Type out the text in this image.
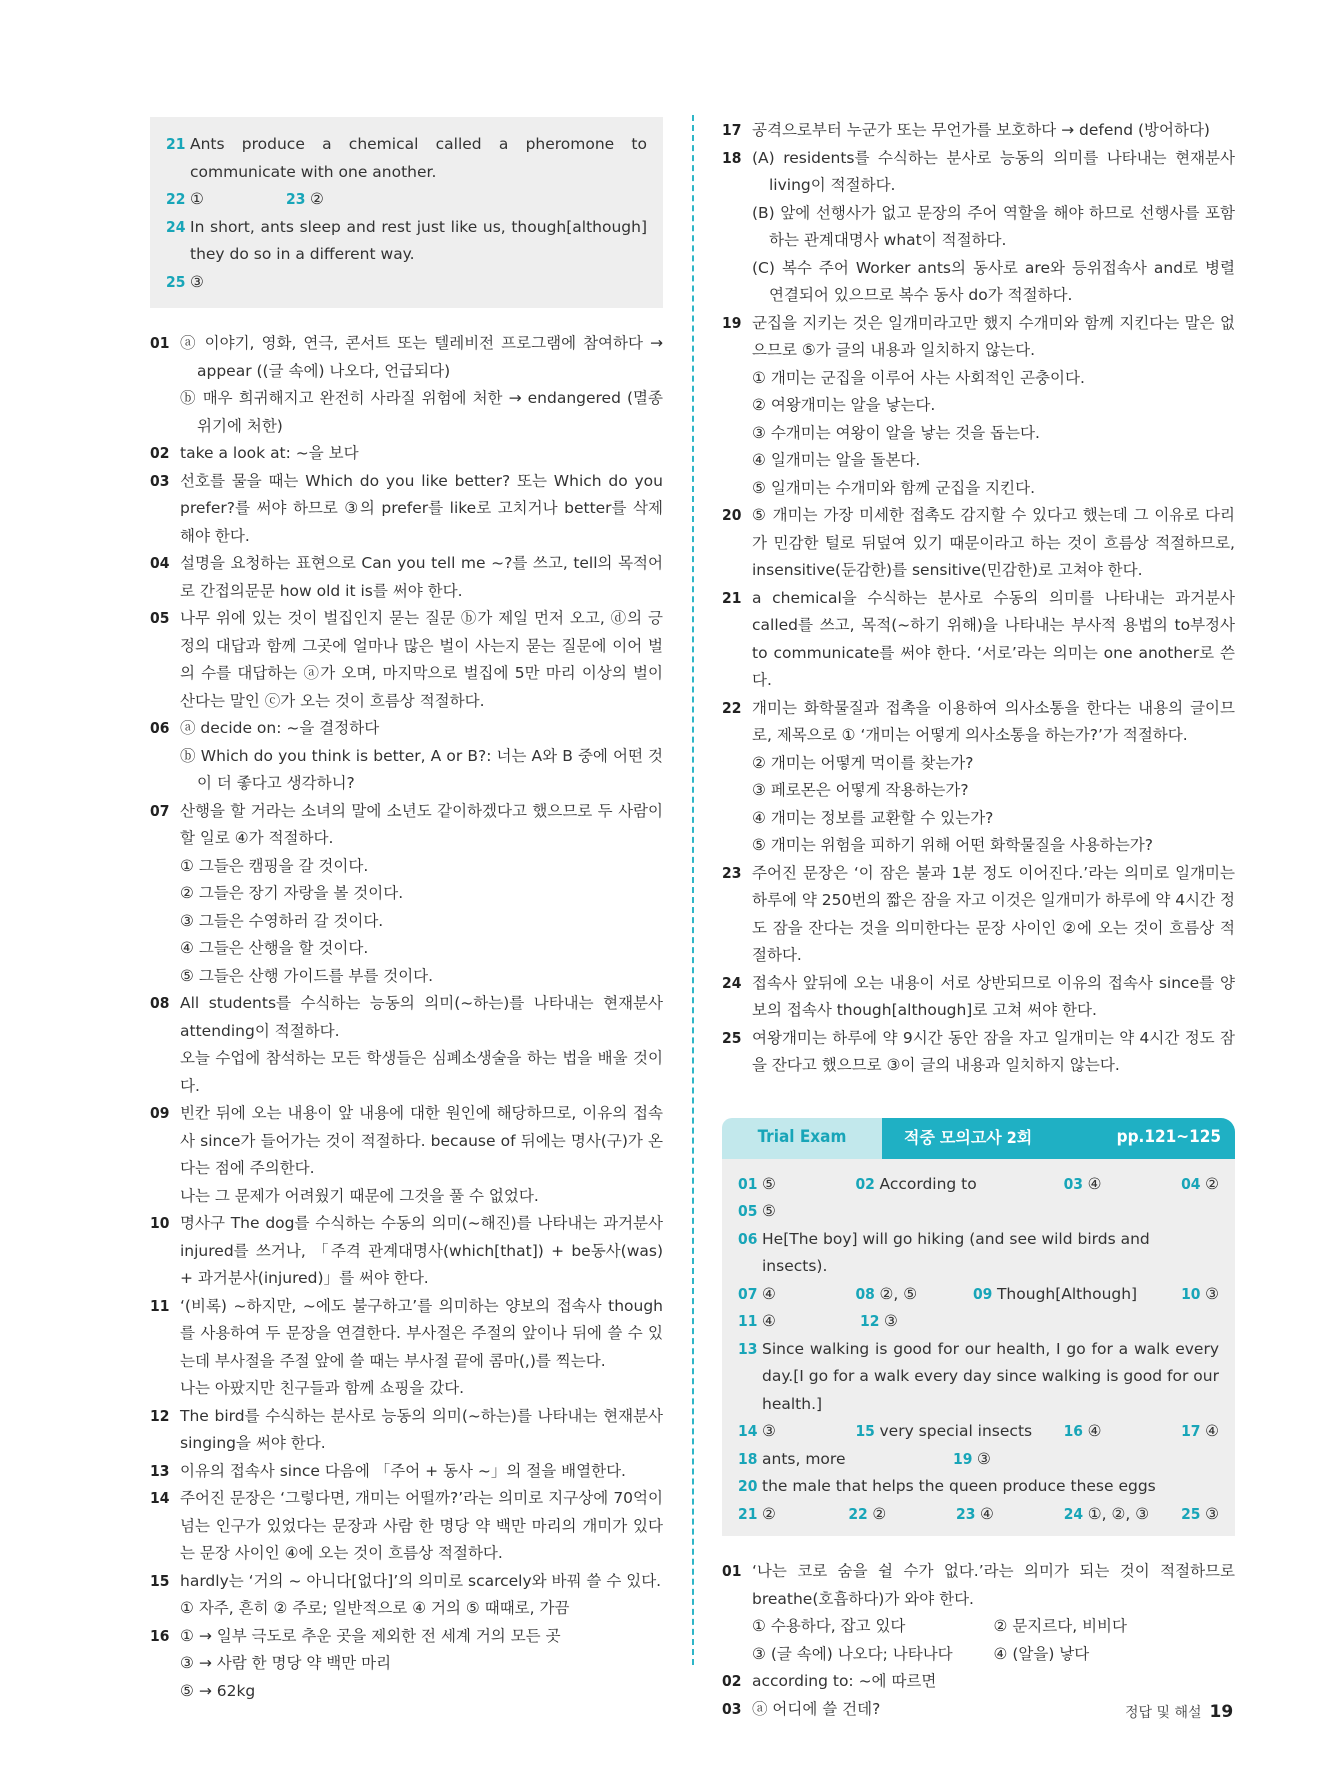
21 Ants produce a chemical called a pheromone to communicate with one another.
22 ①	23 ②
24 In short, ants sleep and rest just like us, though[although] they do so in a different way.
25 ③
01 ⓐ 이야기, 영화, 연극, 콘서트 또는 텔레비전 프로그램에 참여하다 → appear ((글 속에) 나오다, 언급되다)
ⓑ 매우 희귀해지고 완전히 사라질 위험에 처한 → endangered (멸종 위기에 처한)
02 take a look at: ~을 보다
03 선호를 물을 때는 Which do you like better? 또는 Which do you prefer?를 써야 하므로 ③의 prefer를 like로 고치거나 better를 삭제해야 한다.
04 설명을 요청하는 표현으로 Can you tell me ~?를 쓰고, tell의 목적어로 간접의문문 how old it is를 써야 한다.
05 나무 위에 있는 것이 벌집인지 묻는 질문 ⓑ가 제일 먼저 오고, ⓓ의 긍정의 대답과 함께 그곳에 얼마나 많은 벌이 사는지 묻는 질문에 이어 벌의 수를 대답하는 ⓐ가 오며, 마지막으로 벌집에 5만 마리 이상의 벌이 산다는 말인 ⓒ가 오는 것이 흐름상 적절하다.
06 ⓐ decide on: ~을 결정하다
ⓑ Which do you think is better, A or B?: 너는 A와 B 중에 어떤 것이 더 좋다고 생각하니?
07 산행을 할 거라는 소녀의 말에 소년도 같이하겠다고 했으므로 두 사람이 할 일로 ④가 적절하다.
① 그들은 캠핑을 갈 것이다.
② 그들은 장기 자랑을 볼 것이다.
③ 그들은 수영하러 갈 것이다.
④ 그들은 산행을 할 것이다.
⑤ 그들은 산행 가이드를 부를 것이다.
08 All students를 수식하는 능동의 의미(~하는)를 나타내는 현재분사 attending이 적절하다.
오늘 수업에 참석하는 모든 학생들은 심폐소생술을 하는 법을 배울 것이다.
09 빈칸 뒤에 오는 내용이 앞 내용에 대한 원인에 해당하므로, 이유의 접속사 since가 들어가는 것이 적절하다. because of 뒤에는 명사(구)가 온다는 점에 주의한다.
나는 그 문제가 어려웠기 때문에 그것을 풀 수 없었다.
10 명사구 The dog를 수식하는 수동의 의미(~해진)를 나타내는 과거분사 injured를 쓰거나, 「주격 관계대명사(which[that]) + be동사(was) + 과거분사(injured)」를 써야 한다.
11 ‘(비록) ~하지만, ~에도 불구하고’를 의미하는 양보의 접속사 though를 사용하여 두 문장을 연결한다. 부사절은 주절의 앞이나 뒤에 쓸 수 있는데 부사절을 주절 앞에 쓸 때는 부사절 끝에 콤마(,)를 찍는다.
나는 아팠지만 친구들과 함께 쇼핑을 갔다.
12 The bird를 수식하는 분사로 능동의 의미(~하는)를 나타내는 현재분사 singing을 써야 한다.
13 이유의 접속사 since 다음에 「주어 + 동사 ~」의 절을 배열한다.
14 주어진 문장은 ‘그렇다면, 개미는 어떨까?’라는 의미로 지구상에 70억이 넘는 인구가 있었다는 문장과 사람 한 명당 약 백만 마리의 개미가 있다는 문장 사이인 ④에 오는 것이 흐름상 적절하다.
15 hardly는 ‘거의 ~ 아니다[없다]’의 의미로 scarcely와 바꿔 쓸 수 있다.
① 자주, 흔히 ② 주로; 일반적으로 ④ 거의 ⑤ 때때로, 가끔
16 ① → 일부 극도로 추운 곳을 제외한 전 세계 거의 모든 곳
③ → 사람 한 명당 약 백만 마리
⑤ → 62kg
17 공격으로부터 누군가 또는 무언가를 보호하다 → defend (방어하다)
18 (A) residents를 수식하는 분사로 능동의 의미를 나타내는 현재분사 living이 적절하다.
(B) 앞에 선행사가 없고 문장의 주어 역할을 해야 하므로 선행사를 포함하는 관계대명사 what이 적절하다.
(C) 복수 주어 Worker ants의 동사로 are와 등위접속사 and로 병렬 연결되어 있으므로 복수 동사 do가 적절하다.
19 군집을 지키는 것은 일개미라고만 했지 수개미와 함께 지킨다는 말은 없으므로 ⑤가 글의 내용과 일치하지 않는다.
① 개미는 군집을 이루어 사는 사회적인 곤충이다.
② 여왕개미는 알을 낳는다.
③ 수개미는 여왕이 알을 낳는 것을 돕는다.
④ 일개미는 알을 돌본다.
⑤ 일개미는 수개미와 함께 군집을 지킨다.
20 ⑤ 개미는 가장 미세한 접촉도 감지할 수 있다고 했는데 그 이유로 다리가 민감한 털로 뒤덮여 있기 때문이라고 하는 것이 흐름상 적절하므로, insensitive(둔감한)를 sensitive(민감한)로 고쳐야 한다.
21 a chemical을 수식하는 분사로 수동의 의미를 나타내는 과거분사 called를 쓰고, 목적(~하기 위해)을 나타내는 부사적 용법의 to부정사 to communicate를 써야 한다. ‘서로’라는 의미는 one another로 쓴다.
22 개미는 화학물질과 접촉을 이용하여 의사소통을 한다는 내용의 글이므로, 제목으로 ① ‘개미는 어떻게 의사소통을 하는가?’가 적절하다.
② 개미는 어떻게 먹이를 찾는가?
③ 페로몬은 어떻게 작용하는가?
④ 개미는 정보를 교환할 수 있는가?
⑤ 개미는 위험을 피하기 위해 어떤 화학물질을 사용하는가?
23 주어진 문장은 ‘이 잠은 불과 1분 정도 이어진다.’라는 의미로 일개미는 하루에 약 250번의 짧은 잠을 자고 이것은 일개미가 하루에 약 4시간 정도 잠을 잔다는 것을 의미한다는 문장 사이인 ②에 오는 것이 흐름상 적절하다.
24 접속사 앞뒤에 오는 내용이 서로 상반되므로 이유의 접속사 since를 양보의 접속사 though[although]로 고쳐 써야 한다.
25 여왕개미는 하루에 약 9시간 동안 잠을 자고 일개미는 약 4시간 정도 잠을 잔다고 했으므로 ③이 글의 내용과 일치하지 않는다.
Trial Exam	적중 모의고사 2회	pp.121~125
01 ⑤	02 According to	03 ④	04 ②
05 ⑤
06 He[The boy] will go hiking (and see wild birds and insects).
07 ④	08 ②, ⑤	09 Though[Although]	10 ③
11 ④	12 ③
13 Since walking is good for our health, I go for a walk every day.[I go for a walk every day since walking is good for our health.]
14 ③	15 very special insects	16 ④	17 ④
18 ants, more	19 ③
20 the male that helps the queen produce these eggs
21 ②	22 ②	23 ④	24 ①, ②, ③	25 ③
01 ‘나는 코로 숨을 쉴 수가 없다.’라는 의미가 되는 것이 적절하므로 breathe(호흡하다)가 와야 한다.
① 수용하다, 잡고 있다	② 문지르다, 비비다
③ (글 속에) 나오다; 나타나다	④ (알을) 낳다
02 according to: ~에 따르면
03 ⓐ 어디에 쓸 건데?	정답 및 해설 19
